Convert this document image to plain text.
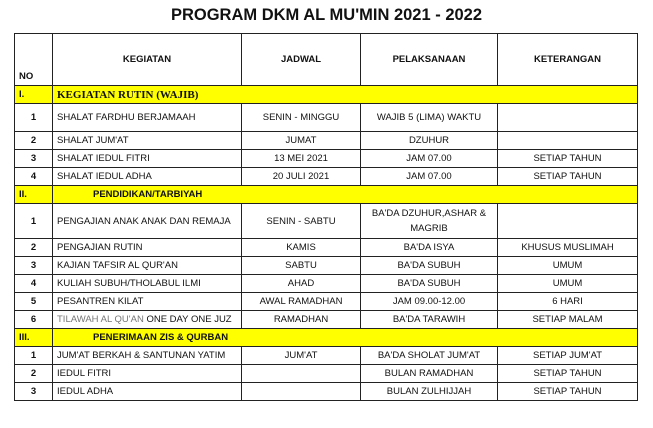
PROGRAM DKM AL MU'MIN 2021 - 2022
NO	KEGIATAN	JADWAL	PELAKSANAAN	KETERANGAN
I.	KEGIATAN RUTIN (WAJIB)			
1	SHALAT FARDHU BERJAMAAH	SENIN - MINGGU	WAJIB 5 (LIMA) WAKTU	
2	SHALAT JUM'AT	JUMAT	DZUHUR	
3	SHALAT IEDUL FITRI	13 MEI 2021	JAM 07.00	SETIAP TAHUN
4	SHALAT IEDUL ADHA	20 JULI 2021	JAM 07.00	SETIAP TAHUN
II.	PENDIDIKAN/TARBIYAH			
1	PENGAJIAN ANAK ANAK DAN REMAJA	SENIN - SABTU	BA'DA DZUHUR,ASHAR & MAGRIB	
2	PENGAJIAN RUTIN	KAMIS	BA'DA ISYA	KHUSUS MUSLIMAH
3	KAJIAN TAFSIR AL QUR'AN	SABTU	BA'DA SUBUH	UMUM
4	KULIAH SUBUH/THOLABUL ILMI	AHAD	BA'DA SUBUH	UMUM
5	PESANTREN KILAT	AWAL RAMADHAN	JAM 09.00-12.00	6 HARI
6	TILAWAH AL QU'AN ONE DAY ONE JUZ	RAMADHAN	BA'DA TARAWIH	SETIAP MALAM
III.	PENERIMAAN ZIS & QURBAN			
1	JUM'AT BERKAH & SANTUNAN YATIM	JUM'AT	BA'DA SHOLAT JUM'AT	SETIAP JUM'AT
2	IEDUL FITRI		BULAN RAMADHAN	SETIAP TAHUN
3	IEDUL ADHA		BULAN ZULHIJJAH	SETIAP TAHUN
